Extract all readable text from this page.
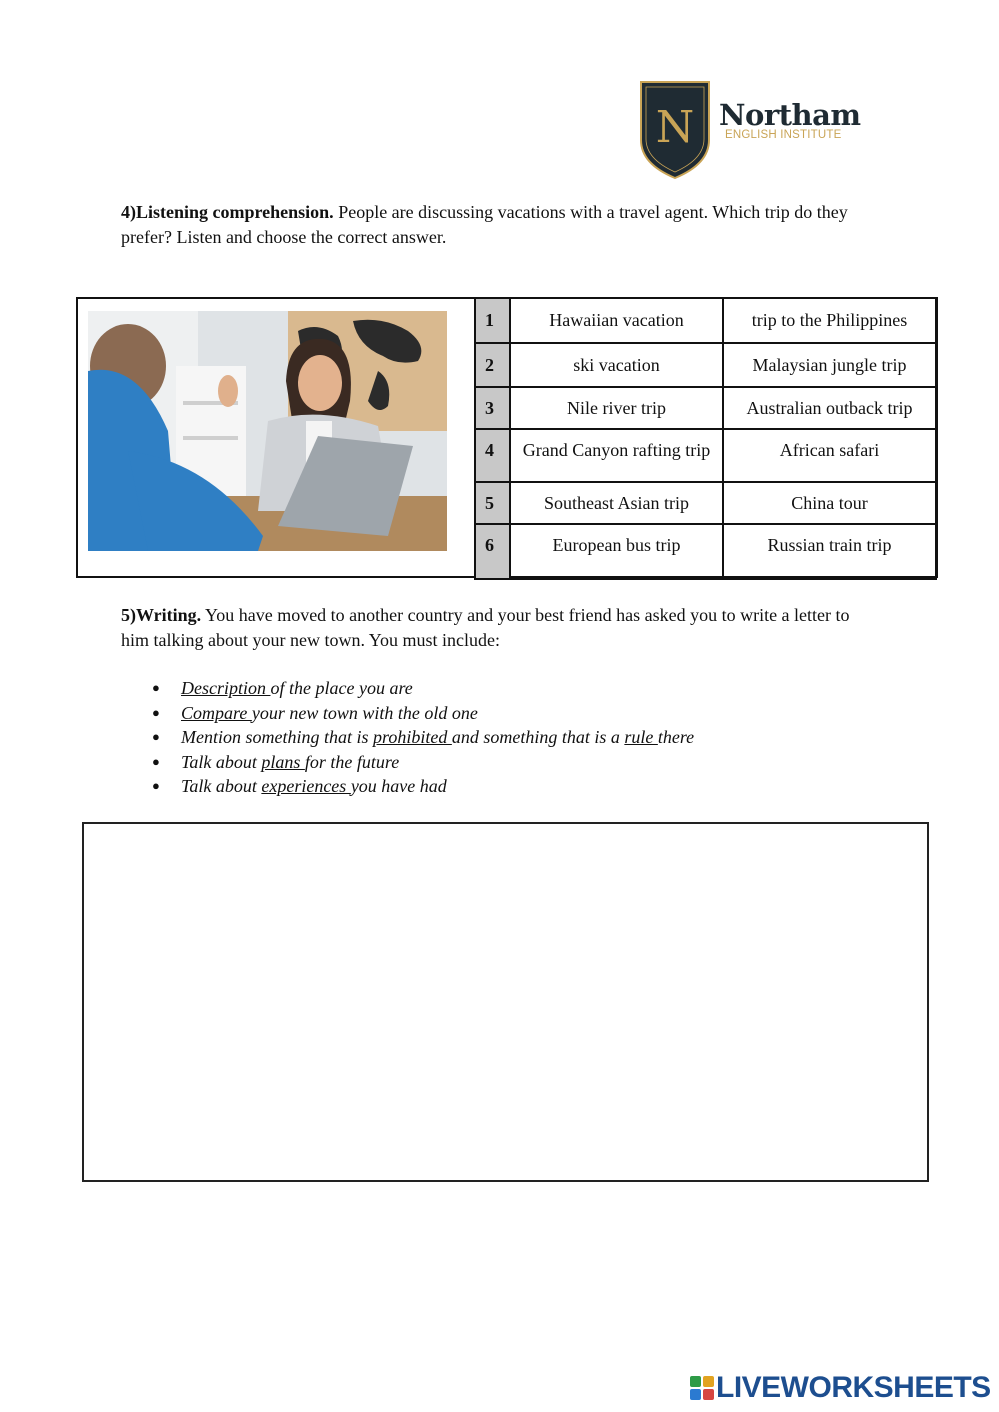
N Northam
ENGLISH INSTITUTE
4)Listening comprehension. People are discussing vacations with a travel agent. Which trip do they
prefer? Listen and choose the correct answer.
1	Hawaiian vacation	trip to the Philippines
2	ski vacation	Malaysian jungle trip
3	Nile river trip	Australian outback trip
4	Grand Canyon rafting trip	African safari
5	Southeast Asian trip	China tour
6	European bus trip	Russian train trip
5)Writing. You have moved to another country and your best friend has asked you to write a letter to
him talking about your new town. You must include:
● Description of the place you are
● Compare your new town with the old one
● Mention something that is prohibited and something that is a rule there
● Talk about plans for the future
● Talk about experiences you have had
LIVEWORKSHEETS
